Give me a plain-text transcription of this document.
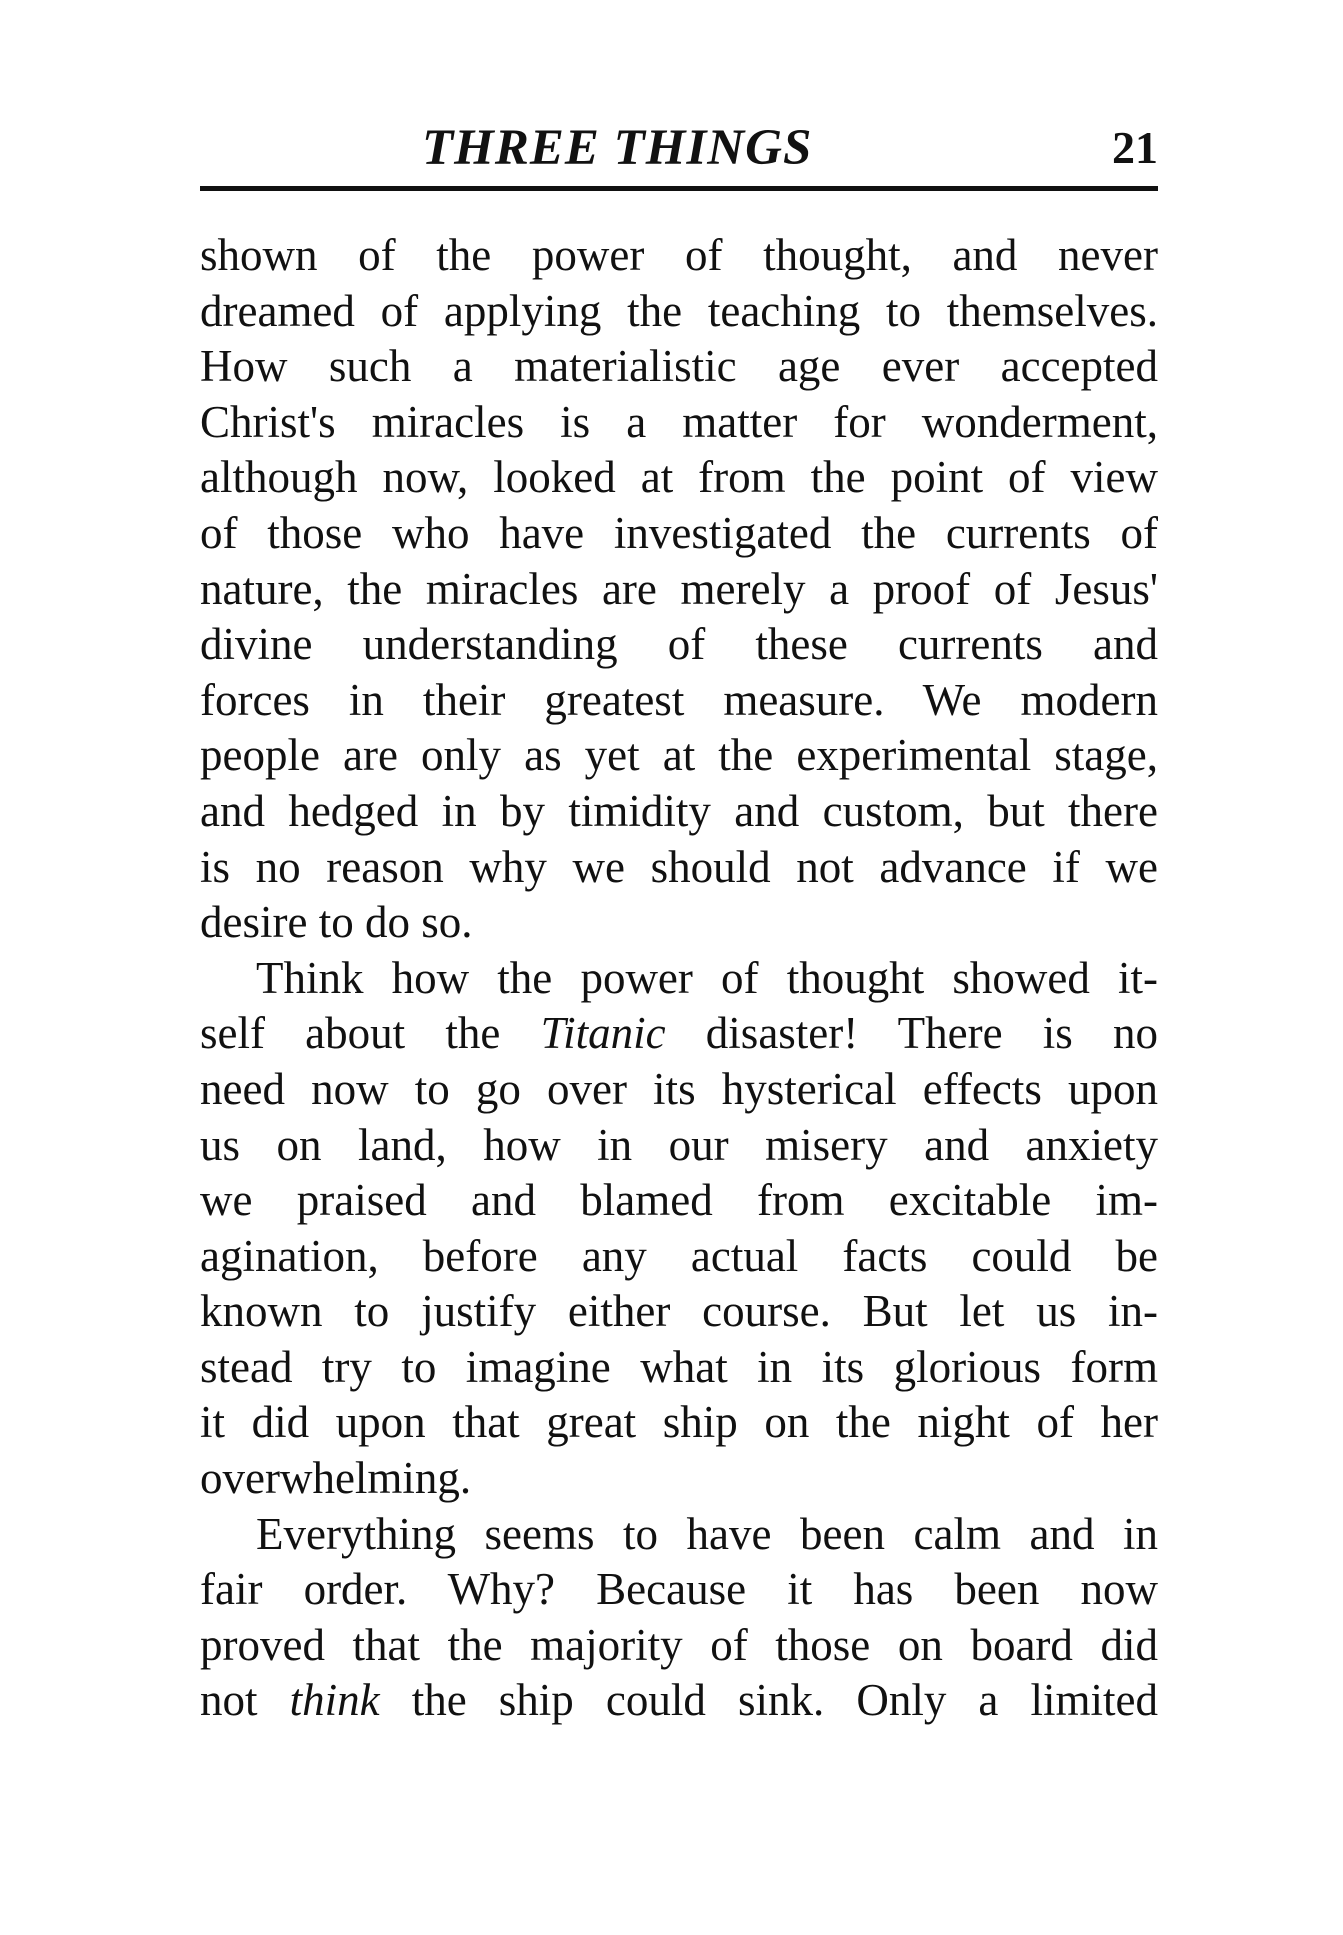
THREE THINGS	21
shown of the power of thought, and never
dreamed of applying the teaching to themselves.
How such a materialistic age ever accepted
Christ's miracles is a matter for wonderment,
although now, looked at from the point of view
of those who have investigated the currents of
nature, the miracles are merely a proof of Jesus'
divine understanding of these currents and
forces in their greatest measure. We modern
people are only as yet at the experimental stage,
and hedged in by timidity and custom, but there
is no reason why we should not advance if we
desire to do so.
Think how the power of thought showed it-
self about the Titanic disaster! There is no
need now to go over its hysterical effects upon
us on land, how in our misery and anxiety
we praised and blamed from excitable im-
agination, before any actual facts could be
known to justify either course. But let us in-
stead try to imagine what in its glorious form
it did upon that great ship on the night of her
overwhelming.
Everything seems to have been calm and in
fair order. Why? Because it has been now
proved that the majority of those on board did
not think the ship could sink. Only a limited
